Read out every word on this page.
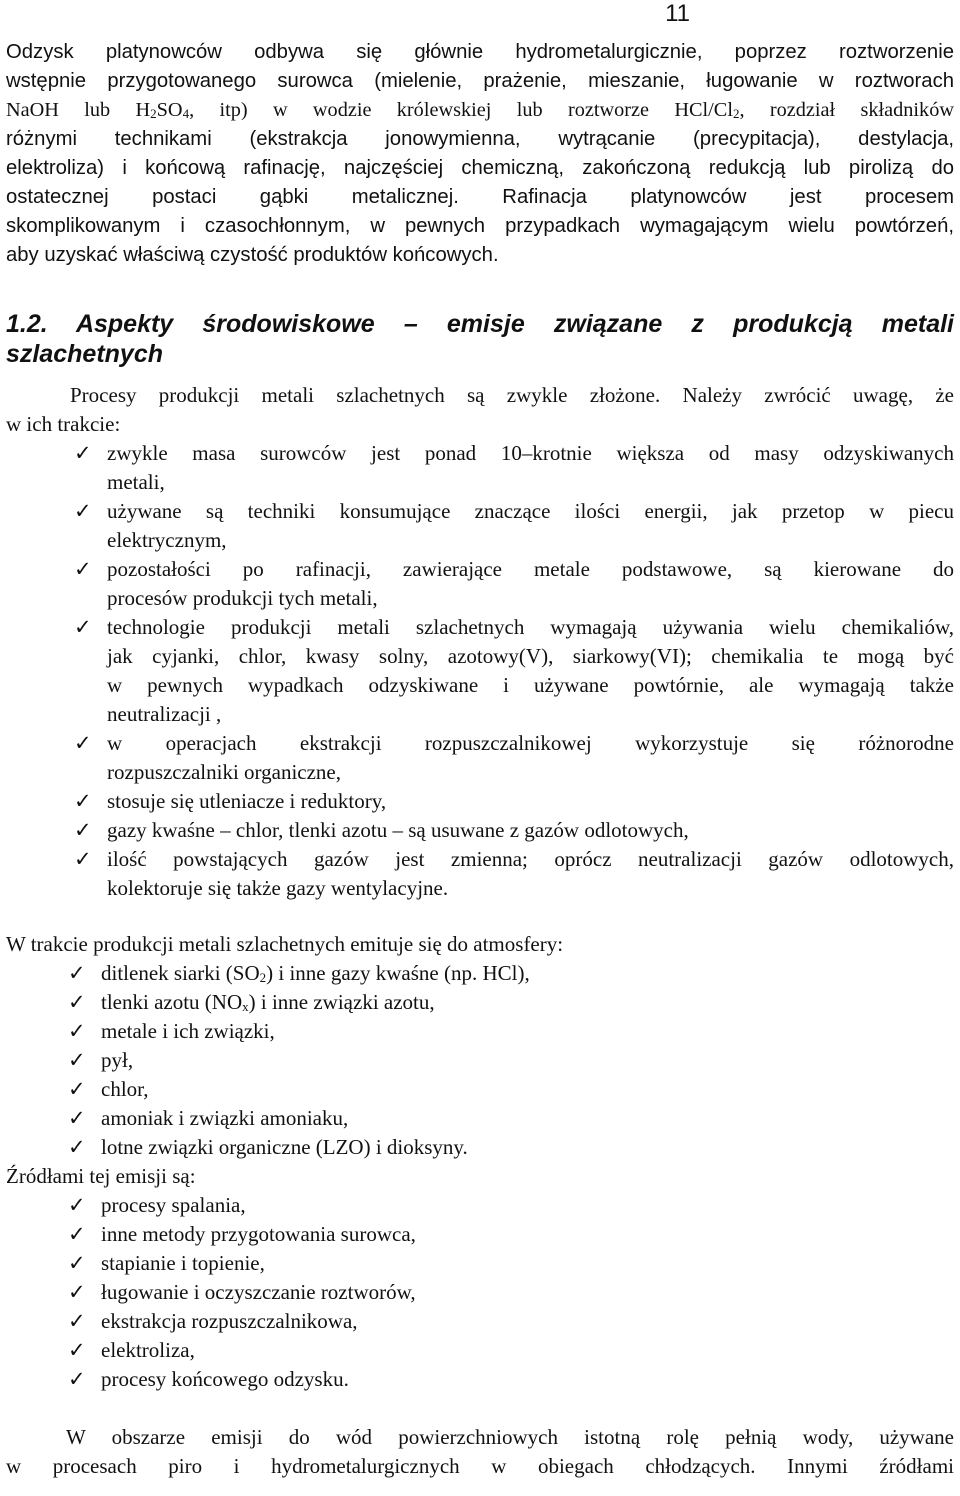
11
Odzysk platynowców odbywa się głównie hydrometalurgicznie, poprzez roztworzenie
wstępnie przygotowanego surowca (mielenie, prażenie, mieszanie, ługowanie w roztworach
NaOH lub $H_2SO_4$, itp) w wodzie królewskiej lub roztworze HCl/$Cl_2$, rozdział składników
różnymi technikami (ekstrakcja jonowymienna, wytrącanie (precypitacja), destylacja,
elektroliza) i końcową rafinację, najczęściej chemiczną, zakończoną redukcją lub pirolizą do
ostatecznej postaci gąbki metalicznej. Rafinacja platynowców jest procesem
skomplikowanym i czasochłonnym, w pewnych przypadkach wymagającym wielu powtórzeń,
aby uzyskać właściwą czystość produktów końcowych.
1.2. Aspekty środowiskowe – emisje związane z produkcją metali
szlachetnych
Procesy produkcji metali szlachetnych są zwykle złożone. Należy zwrócić uwagę, że
w ich trakcie:
✓ zwykle masa surowców jest ponad 10–krotnie większa od masy odzyskiwanych
metali,
✓ używane są techniki konsumujące znaczące ilości energii, jak przetop w piecu
elektrycznym,
✓ pozostałości po rafinacji, zawierające metale podstawowe, są kierowane do
procesów produkcji tych metali,
✓ technologie produkcji metali szlachetnych wymagają używania wielu chemikaliów,
jak cyjanki, chlor, kwasy solny, azotowy(V), siarkowy(VI); chemikalia te mogą być
w pewnych wypadkach odzyskiwane i używane powtórnie, ale wymagają także
neutralizacji ,
✓ w operacjach ekstrakcji rozpuszczalnikowej wykorzystuje się różnorodne
rozpuszczalniki organiczne,
✓ stosuje się utleniacze i reduktory,
✓ gazy kwaśne – chlor, tlenki azotu – są usuwane z gazów odlotowych,
✓ ilość powstających gazów jest zmienna; oprócz neutralizacji gazów odlotowych,
kolektoruje się także gazy wentylacyjne.
W trakcie produkcji metali szlachetnych emituje się do atmosfery:
✓ ditlenek siarki $(SO_2)$ i inne gazy kwaśne (np. HCl),
✓ tlenki azotu $(NO_x)$ i inne związki azotu,
✓ metale i ich związki,
✓ pył,
✓ chlor,
✓ amoniak i związki amoniaku,
✓ lotne związki organiczne (LZO) i dioksyny.
Źródłami tej emisji są:
✓ procesy spalania,
✓ inne metody przygotowania surowca,
✓ stapianie i topienie,
✓ ługowanie i oczyszczanie roztworów,
✓ ekstrakcja rozpuszczalnikowa,
✓ elektroliza,
✓ procesy końcowego odzysku.
W obszarze emisji do wód powierzchniowych istotną rolę pełnią wody, używane
w procesach piro i hydrometalurgicznych w obiegach chłodzących. Innymi źródłami
